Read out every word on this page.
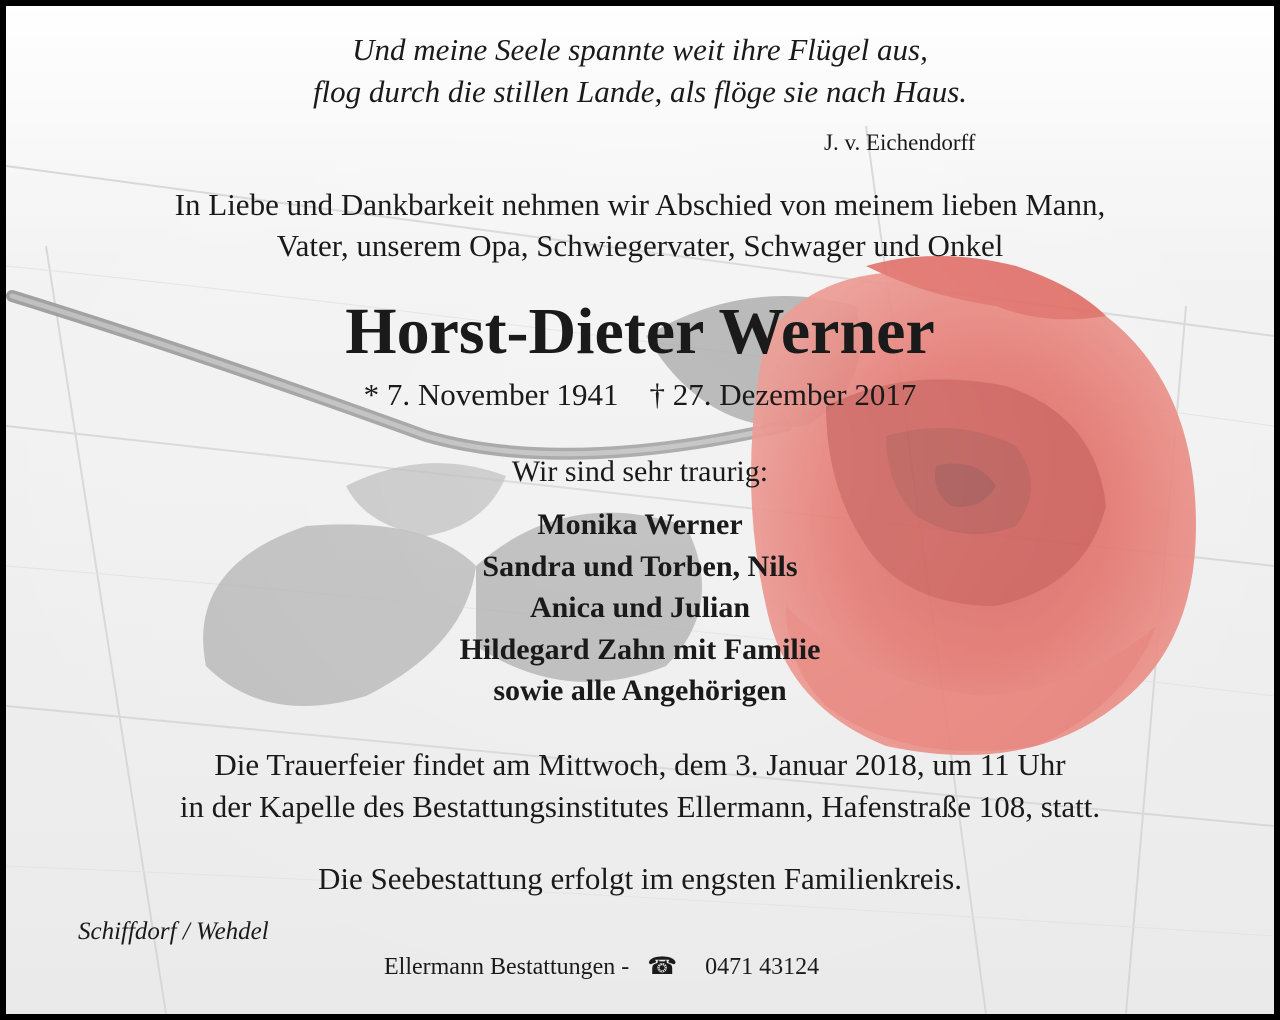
Und meine Seele spannte weit ihre Flügel aus,
flog durch die stillen Lande, als flöge sie nach Haus.
J. v. Eichendorff
In Liebe und Dankbarkeit nehmen wir Abschied von meinem lieben Mann,
Vater, unserem Opa, Schwiegervater, Schwager und Onkel
Horst-Dieter Werner
* 7. November 1941    † 27. Dezember 2017
Wir sind sehr traurig:
Monika Werner
Sandra und Torben, Nils
Anica und Julian
Hildegard Zahn mit Familie
sowie alle Angehörigen
Die Trauerfeier findet am Mittwoch, dem 3. Januar 2018, um 11 Uhr
in der Kapelle des Bestattungsinstitutes Ellermann, Hafenstraße 108, statt.
Die Seebestattung erfolgt im engsten Familienkreis.
Schiffdorf / Wehdel
Ellermann Bestattungen - ☎ 0471 43124
